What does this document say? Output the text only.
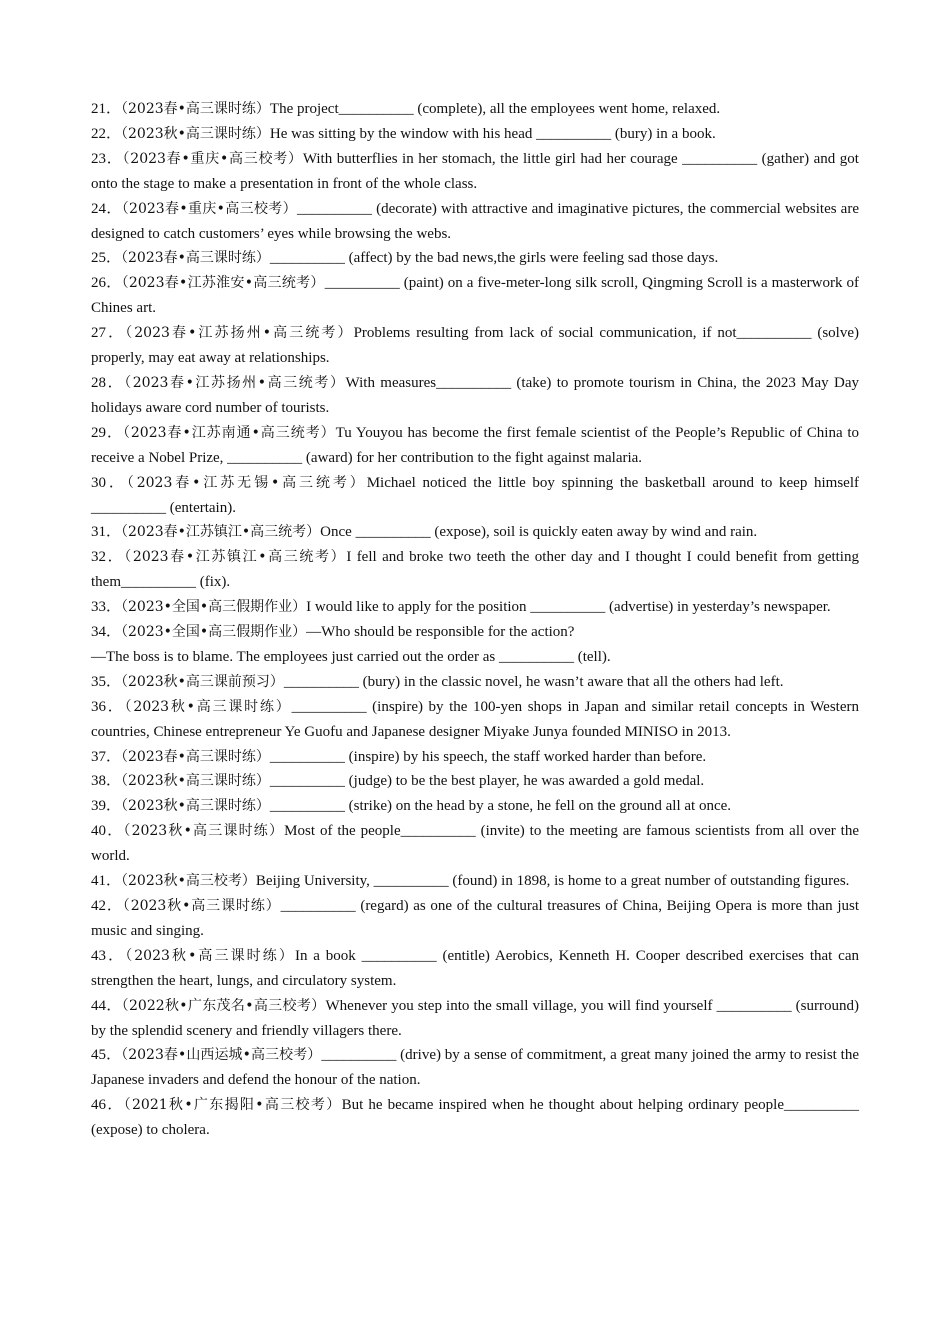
21．（2023春•高三课时练）The project__________ (complete), all the employees went home, relaxed.

22．（2023秋•高三课时练）He was sitting by the window with his head __________ (bury) in a book.

23．（2023春•重庆•高三校考）With butterflies in her stomach, the little girl had her courage __________ (gather) and got onto the stage to make a presentation in front of the whole class.

24．（2023春•重庆•高三校考）__________ (decorate) with attractive and imaginative pictures, the commercial websites are designed to catch customers’ eyes while browsing the webs.

25．（2023春•高三课时练）__________ (affect) by the bad news,the girls were feeling sad those days.

26．（2023春•江苏淮安•高三统考）__________ (paint) on a five-meter-long silk scroll, Qingming Scroll is a masterwork of Chines art.

27．（2023春•江苏扬州•高三统考）Problems resulting from lack of social communication, if not__________ (solve) properly, may eat away at relationships.

28．（2023春•江苏扬州•高三统考）With measures__________ (take) to promote tourism in China, the 2023 May Day holidays aware cord number of tourists.

29．（2023春•江苏南通•高三统考）Tu Youyou has become the first female scientist of the People’s Republic of China to receive a Nobel Prize, __________ (award) for her contribution to the fight against malaria.

30．（2023春•江苏无锡•高三统考）Michael noticed the little boy spinning the basketball around to keep himself __________ (entertain).

31．（2023春•江苏镇江•高三统考）Once __________ (expose), soil is quickly eaten away by wind and rain.

32．（2023春•江苏镇江•高三统考）I fell and broke two teeth the other day and I thought I could benefit from getting them__________ (fix).

33．（2023•全国•高三假期作业）I would like to apply for the position __________ (advertise) in yesterday’s newspaper.

34．（2023•全国•高三假期作业）—Who should be responsible for the action?

—The boss is to blame. The employees just carried out the order as __________ (tell).

35．（2023秋•高三课前预习）__________ (bury) in the classic novel, he wasn’t aware that all the others had left.

36．（2023秋•高三课时练）__________ (inspire) by the 100-yen shops in Japan and similar retail concepts in Western countries, Chinese entrepreneur Ye Guofu and Japanese designer Miyake Junya founded MINISO in 2013.

37．（2023春•高三课时练）__________ (inspire) by his speech, the staff worked harder than before.

38．（2023秋•高三课时练）__________ (judge) to be the best player, he was awarded a gold medal.

39．（2023秋•高三课时练）__________ (strike) on the head by a stone, he fell on the ground all at once.

40．（2023秋•高三课时练）Most of the people__________ (invite) to the meeting are famous scientists from all over the world.

41．（2023秋•高三校考）Beijing University, __________ (found) in 1898, is home to a great number of outstanding figures.

42．（2023秋•高三课时练）__________ (regard) as one of the cultural treasures of China, Beijing Opera is more than just music and singing.

43．（2023秋•高三课时练）In a book __________ (entitle) Aerobics, Kenneth H. Cooper described exercises that can strengthen the heart, lungs, and circulatory system.

44．（2022秋•广东茂名•高三校考）Whenever you step into the small village, you will find yourself __________ (surround) by the splendid scenery and friendly villagers there.

45．（2023春•山西运城•高三校考）__________ (drive) by a sense of commitment, a great many joined the army to resist the Japanese invaders and defend the honour of the nation.

46．（2021秋•广东揭阳•高三校考）But he became inspired when he thought about helping ordinary people__________ (expose) to cholera.
